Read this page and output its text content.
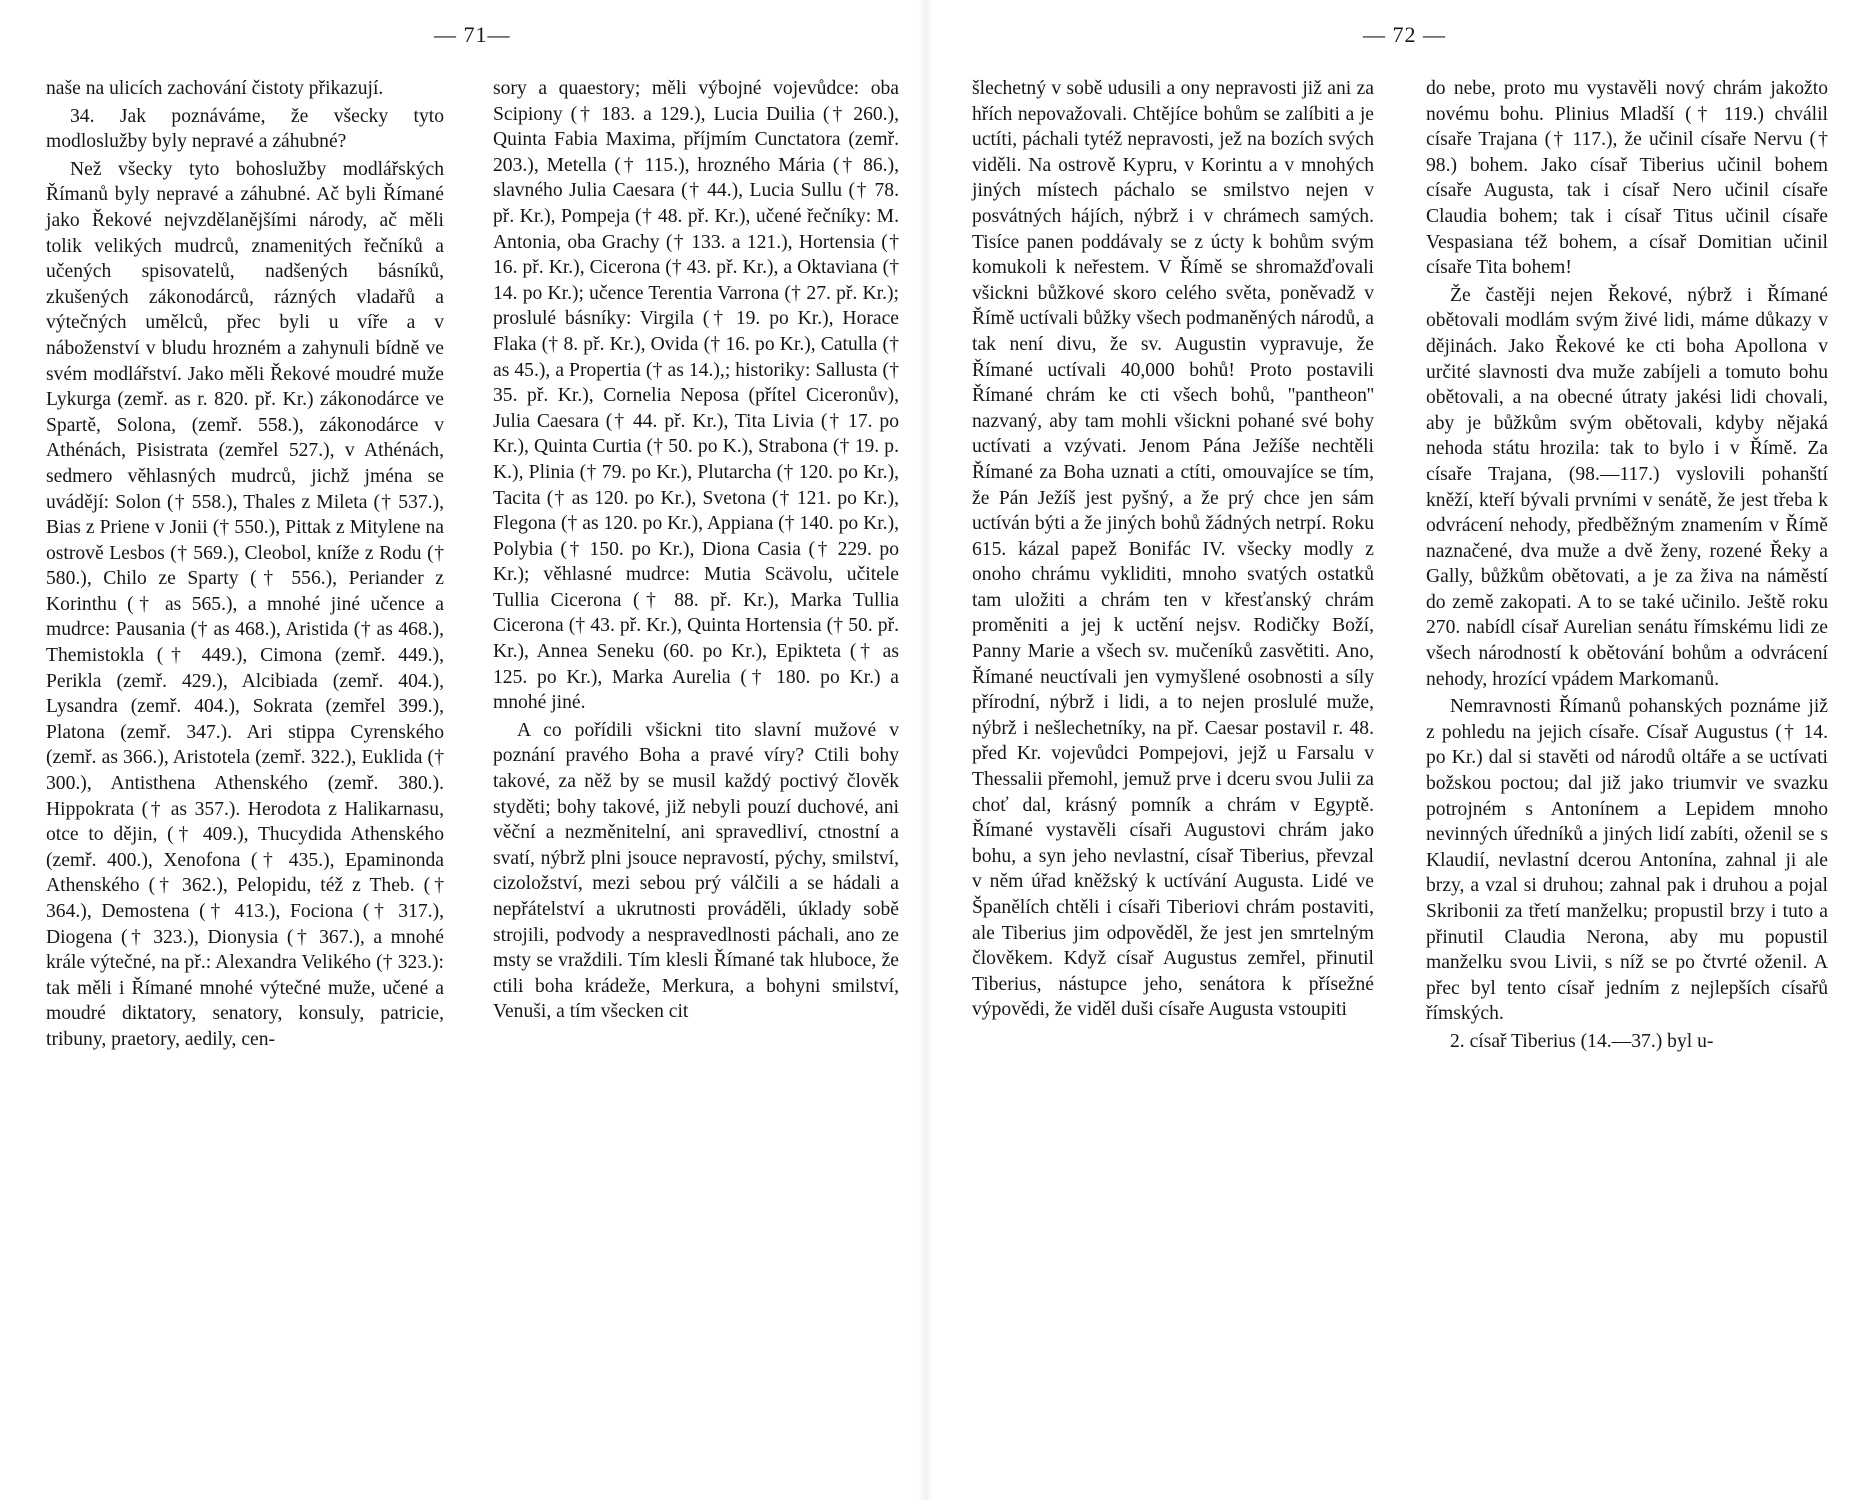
— 71—

naše na ulicích zachování čistoty přikazují.

34. Jak poznáváme, že všecky tyto modloslužby byly nepravé a záhubné?

Než všecky tyto bohoslužby modlářských Římanů byly nepravé a záhubné. Ač byli Římané jako Řekové nejvzdělanějšími národy, ač měli tolik velikých mudrců, znamenitých řečníků a učených spisovatelů, nadšených básníků, zkušených zákonodárců, rázných vladařů a výtečných umělců, přec byli u víře a v náboženství v bludu hrozném a zahynuli bídně ve svém modlářství. Jako měli Řekové moudré muže Lykurga (zemř. as r. 820. př. Kr.) zákonodárce ve Spartě, Solona, (zemř. 558.), zákonodárce v Athénách, Pisistrata (zemřel 527.), v Athénách, sedmero věhlasných mudrců, jichž jména se uvádějí: Solon († 558.), Thales z Mileta († 537.), Bias z Priene v Jonii († 550.), Pittak z Mitylene na ostrově Lesbos († 569.), Cleobol, kníže z Rodu († 580.), Chilo ze Sparty († 556.), Periander z Korinthu († as 565.), a mnohé jiné učence a mudrce: Pausania († as 468.), Aristida († as 468.), Themistokla († 449.), Cimona (zemř. 449.), Perikla (zemř. 429.), Alcibiada (zemř. 404.), Lysandra (zemř. 404.), Sokrata (zemřel 399.), Platona (zemř. 347.). Ari stippa Cyrenského (zemř. as 366.), Aristotela (zemř. 322.), Euklida († 300.), Antisthena Athenského (zemř. 380.). Hippokrata († as 357.). Herodota z Halikarnasu, otce to dějin, († 409.), Thucydida Athenského (zemř. 400.), Xenofona († 435.), Epaminonda Athenského († 362.), Pelopidu, též z Theb. († 364.), Demostena († 413.), Fociona († 317.), Diogena († 323.), Dionysia († 367.), a mnohé krále výtečné, na př.: Alexandra Velikého († 323.): tak měli i Římané mnohé výtečné muže, učené a moudré diktatory, senatory, konsuly, patricie, tribuny, praetory, aedily, cen-

sory a quaestory; měli výbojné vojevůdce: oba Scipiony († 183. a 129.), Lucia Duilia († 260.), Quinta Fabia Maxima, příjmím Cunctatora (zemř. 203.), Metella († 115.), hrozného Mária († 86.), slavného Julia Caesara († 44.), Lucia Sullu († 78. př. Kr.), Pompeja († 48. př. Kr.), učené řečníky: M. Antonia, oba Grachy († 133. a 121.), Hortensia († 16. př. Kr.), Cicerona († 43. př. Kr.), a Oktaviana († 14. po Kr.); učence Terentia Varrona († 27. př. Kr.); proslulé básníky: Virgila († 19. po Kr.), Horace Flaka († 8. př. Kr.), Ovida († 16. po Kr.), Catulla († as 45.), a Propertia († as 14.),; historiky: Sallusta († 35. př. Kr.), Cornelia Neposa (přítel Ciceronův), Julia Caesara († 44. př. Kr.), Tita Livia († 17. po Kr.), Quinta Curtia († 50. po K.), Strabona († 19. p. K.), Plinia († 79. po Kr.), Plutarcha († 120. po Kr.), Tacita († as 120. po Kr.), Svetona († 121. po Kr.), Flegona († as 120. po Kr.), Appiana († 140. po Kr.), Polybia († 150. po Kr.), Diona Casia († 229. po Kr.); věhlasné mudrce: Mutia Scävolu, učitele Tullia Cicerona († 88. př. Kr.), Marka Tullia Cicerona († 43. př. Kr.), Quinta Hortensia († 50. př. Kr.), Annea Seneku (60. po Kr.), Epikteta († as 125. po Kr.), Marka Aurelia († 180. po Kr.) a mnohé jiné.

A co pořídili všickni tito slavní mužové v poznání pravého Boha a pravé víry? Ctili bohy takové, za něž by se musil každý poctivý člověk styděti; bohy takové, již nebyli pouzí duchové, ani věční a nezměnitelní, ani spravedliví, ctnostní a svatí, nýbrž plni jsouce nepravostí, pýchy, smilství, cizoložství, mezi sebou prý válčili a se hádali a nepřátelství a ukrutnosti prováděli, úklady sobě strojili, podvody a nespravedlnosti páchali, ano ze msty se vraždili. Tím klesli Římané tak hluboce, že ctili boha krádeže, Merkura, a bohyni smilství, Venuši, a tím všecken cit

— 72 —

šlechetný v sobě udusili a ony nepravosti již ani za hřích nepovažovali. Chtějíce bohům se zalíbiti a je uctíti, páchali tytéž nepravosti, jež na bozích svých viděli. Na ostrově Kypru, v Korintu a v mnohých jiných místech páchalo se smilstvo nejen v posvátných hájích, nýbrž i v chrámech samých. Tisíce panen poddávaly se z úcty k bohům svým komukoli k neřestem. V Římě se shromažďovali všickni bůžkové skoro celého světa, poněvadž v Římě uctívali bůžky všech podmaněných národů, a tak není divu, že sv. Augustin vypravuje, že Římané uctívali 40,000 bohů! Proto postavili Římané chrám ke cti všech bohů, ''pantheon'' nazvaný, aby tam mohli všickni pohané své bohy uctívati a vzývati. Jenom Pána Ježíše nechtěli Římané za Boha uznati a ctíti, omouvajíce se tím, že Pán Ježíš jest pyšný, a že prý chce jen sám uctíván býti a že jiných bohů žádných netrpí. Roku 615. kázal papež Bonifác IV. všecky modly z onoho chrámu vykliditi, mnoho svatých ostatků tam uložiti a chrám ten v křesťanský chrám proměniti a jej k uctění nejsv. Rodičky Boží, Panny Marie a všech sv. mučeníků zasvětiti. Ano, Římané neuctívali jen vymyšlené osobnosti a síly přírodní, nýbrž i lidi, a to nejen proslulé muže, nýbrž i nešlechetníky, na př. Caesar postavil r. 48. před Kr. vojevůdci Pompejovi, jejž u Farsalu v Thessalii přemohl, jemuž prve i dceru svou Julii za choť dal, krásný pomník a chrám v Egyptě. Římané vystavěli císaři Augustovi chrám jako bohu, a syn jeho nevlastní, císař Tiberius, převzal v něm úřad kněžský k uctívání Augusta. Lidé ve Španělích chtěli i císaři Tiberiovi chrám postaviti, ale Tiberius jim odpověděl, že jest jen smrtelným člověkem. Když císař Augustus zemřel, přinutil Tiberius, nástupce jeho, senátora k přísežné výpovědi, že viděl duši císaře Augusta vstoupiti

do nebe, proto mu vystavěli nový chrám jakožto novému bohu. Plinius Mladší († 119.) chválil císaře Trajana († 117.), že učinil císaře Nervu († 98.) bohem. Jako císař Tiberius učinil bohem císaře Augusta, tak i císař Nero učinil císaře Claudia bohem; tak i císař Titus učinil císaře Vespasiana též bohem, a císař Domitian učinil císaře Tita bohem!

Že častěji nejen Řekové, nýbrž i Římané obětovali modlám svým živé lidi, máme důkazy v dějinách. Jako Řekové ke cti boha Apollona v určité slavnosti dva muže zabíjeli a tomuto bohu obětovali, a na obecné útraty jakési lidi chovali, aby je bůžkům svým obětovali, kdyby nějaká nehoda státu hrozila: tak to bylo i v Římě. Za císaře Trajana, (98.—117.) vyslovili pohanští kněží, kteří bývali prvními v senátě, že jest třeba k odvrácení nehody, předběžným znamením v Římě naznačené, dva muže a dvě ženy, rozené Řeky a Gally, bůžkům obětovati, a je za živa na náměstí do země zakopati. A to se také učinilo. Ještě roku 270. nabídl císař Aurelian senátu římskému lidi ze všech národností k obětování bohům a odvrácení nehody, hrozící vpádem Markomanů.

Nemravnosti Římanů pohanských poznáme již z pohledu na jejich císaře. Císař Augustus († 14. po Kr.) dal si stavěti od národů oltáře a se uctívati božskou poctou; dal již jako triumvir ve svazku potrojném s Antonínem a Lepidem mnoho nevinných úředníků a jiných lidí zabíti, oženil se s Klaudií, nevlastní dcerou Antonína, zahnal ji ale brzy, a vzal si druhou; zahnal pak i druhou a pojal Skribonii za třetí manželku; propustil brzy i tuto a přinutil Claudia Nerona, aby mu popustil manželku svou Livii, s níž se po čtvrté oženil. A přec byl tento císař jedním z nejlepších císařů římských.

2. císař Tiberius (14.—37.) byl u-
